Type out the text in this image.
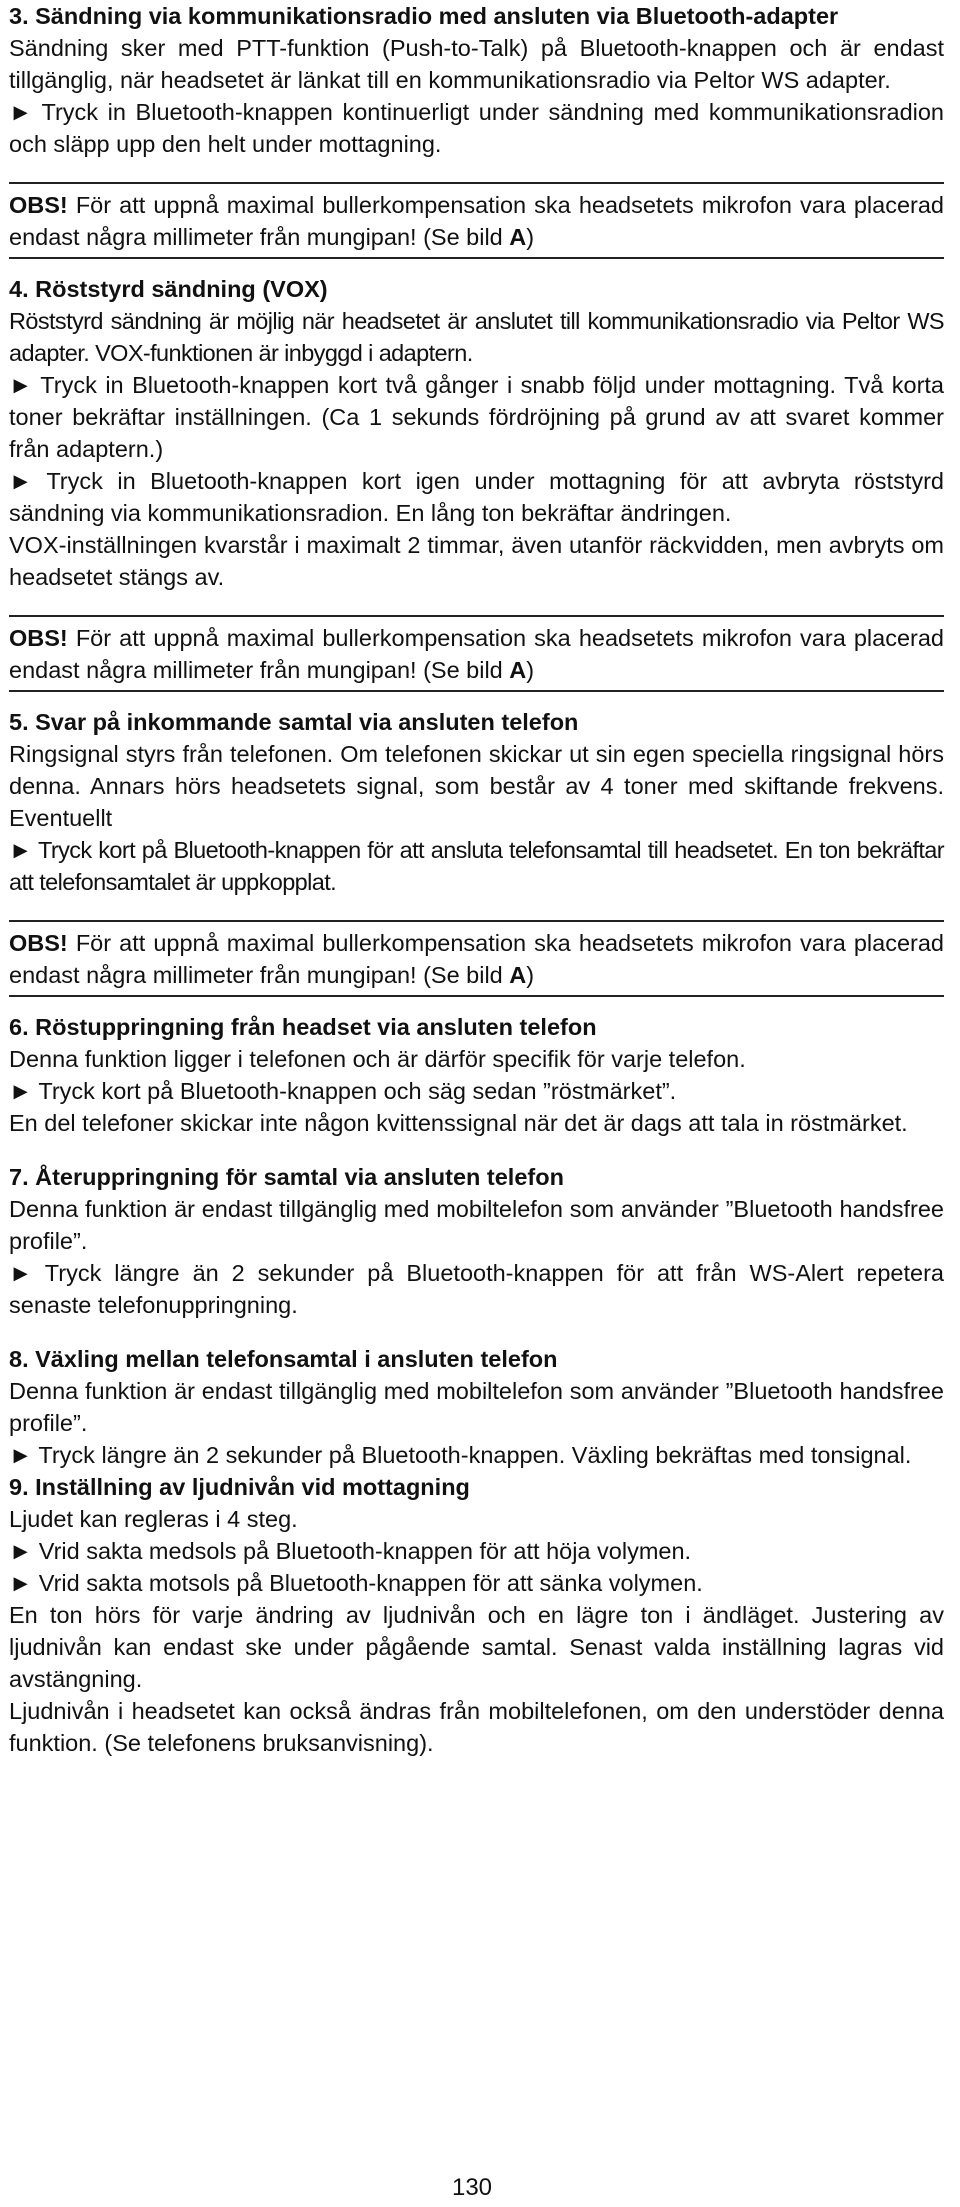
3. Sändning via kommunikationsradio med ansluten via Bluetooth-adapter

Sändning sker med PTT-funktion (Push-to-Talk) på Bluetooth-knappen och är endast tillgänglig, när headsetet är länkat till en kommunikationsradio via Peltor WS adapter.

► Tryck in Bluetooth-knappen kontinuerligt under sändning med kommunikationsradion och släpp upp den helt under mottagning.

OBS! För att uppnå maximal bullerkompensation ska headsetets mikrofon vara placerad endast några millimeter från mungipan! (Se bild A)

4. Röststyrd sändning (VOX)

Röststyrd sändning är möjlig när headsetet är anslutet till kommunikationsradio via Peltor WS adapter. VOX-funktionen är inbyggd i adaptern.

► Tryck in Bluetooth-knappen kort två gånger i snabb följd under mottagning. Två korta toner bekräftar inställningen. (Ca 1 sekunds fördröjning på grund av att svaret kommer från adaptern.)

► Tryck in Bluetooth-knappen kort igen under mottagning för att avbryta röststyrd sändning via kommunikationsradion. En lång ton bekräftar ändringen.

VOX-inställningen kvarstår i maximalt 2 timmar, även utanför räckvidden, men avbryts om headsetet stängs av.

OBS! För att uppnå maximal bullerkompensation ska headsetets mikrofon vara placerad endast några millimeter från mungipan! (Se bild A)

5. Svar på inkommande samtal via ansluten telefon

Ringsignal styrs från telefonen. Om telefonen skickar ut sin egen speciella ringsignal hörs denna. Annars hörs headsetets signal, som består av 4 toner med skiftande frekvens. Eventuellt

► Tryck kort på Bluetooth-knappen för att ansluta telefonsamtal till headsetet. En ton bekräftar att telefonsamtalet är uppkopplat.

OBS! För att uppnå maximal bullerkompensation ska headsetets mikrofon vara placerad endast några millimeter från mungipan! (Se bild A)

6. Röstuppringning från headset via ansluten telefon

Denna funktion ligger i telefonen och är därför specifik för varje telefon.

► Tryck kort på Bluetooth-knappen och säg sedan ”röstmärket”.

En del telefoner skickar inte någon kvittenssignal när det är dags att tala in röstmärket.

7. Återuppringning för samtal via ansluten telefon

Denna funktion är endast tillgänglig med mobiltelefon som använder ”Bluetooth handsfree profile”.

► Tryck längre än 2 sekunder på Bluetooth-knappen för att från WS-Alert repetera senaste telefonuppringning.

8. Växling mellan telefonsamtal i ansluten telefon

Denna funktion är endast tillgänglig med mobiltelefon som använder ”Bluetooth handsfree profile”.

► Tryck längre än 2 sekunder på Bluetooth-knappen. Växling bekräftas med tonsignal.

9. Inställning av ljudnivån vid mottagning

Ljudet kan regleras i 4 steg.

► Vrid sakta medsols på Bluetooth-knappen för att höja volymen.

► Vrid sakta motsols på Bluetooth-knappen för att sänka volymen.

En ton hörs för varje ändring av ljudnivån och en lägre ton i ändläget. Justering av ljudnivån kan endast ske under pågående samtal. Senast valda inställning lagras vid avstängning.

Ljudnivån i headsetet kan också ändras från mobiltelefonen, om den understöder denna funktion. (Se telefonens bruksanvisning).

130
